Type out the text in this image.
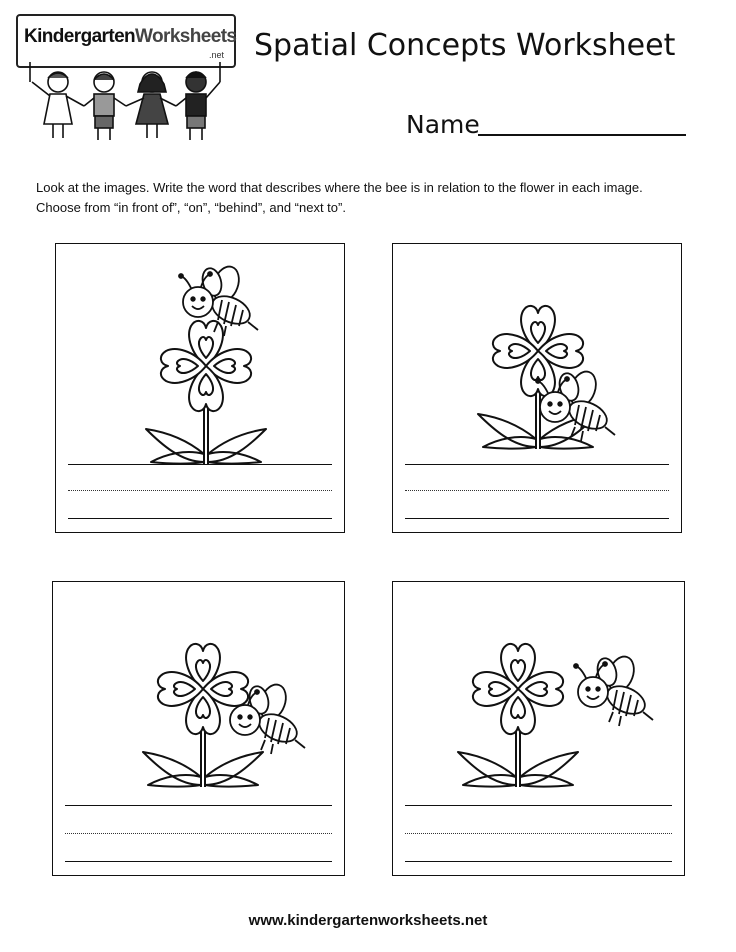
KindergartenWorksheets
.net Spatial Concepts Worksheet
Name
Look at the images. Write the word that describes where the bee is in relation to the flower in each image.
Choose from “in front of”, “on”, “behind”, and “next to”.
www.kindergartenworksheets.net
